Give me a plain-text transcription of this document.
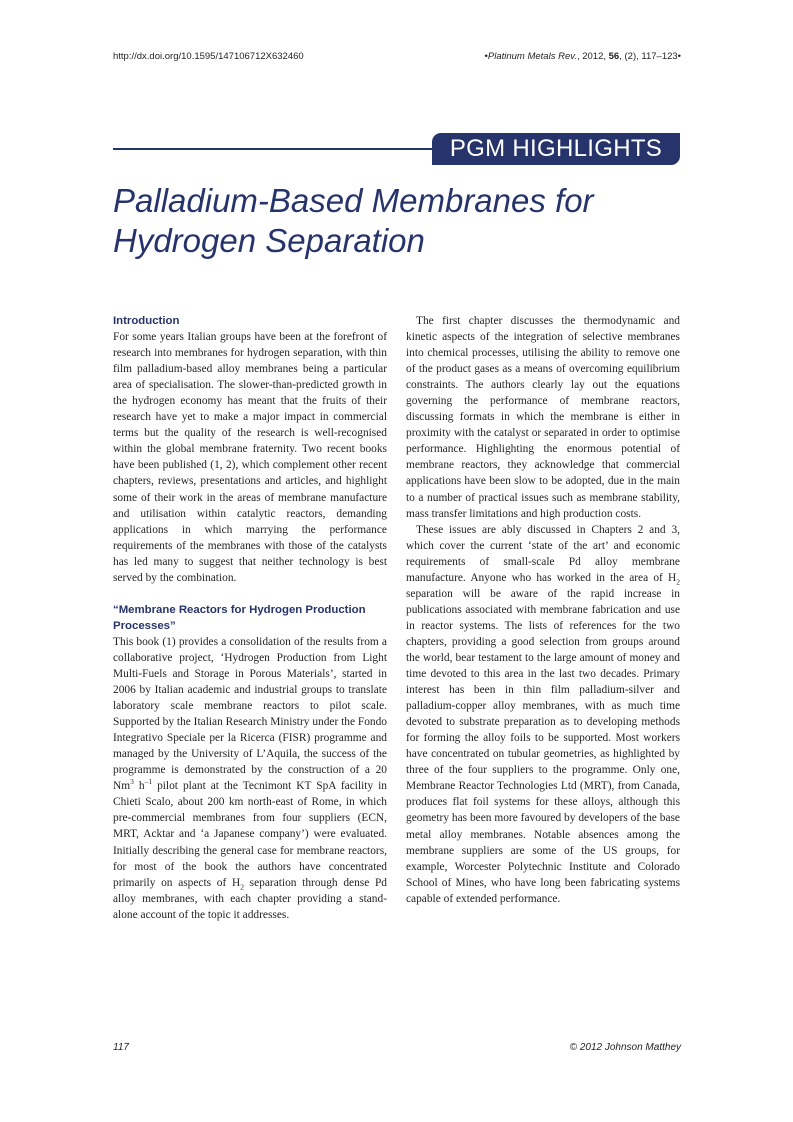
http://dx.doi.org/10.1595/147106712X632460	•Platinum Metals Rev., 2012, 56, (2), 117–123•
PGM HIGHLIGHTS
Palladium-Based Membranes for
Hydrogen Separation
Introduction

For some years Italian groups have been at the forefront of research into membranes for hydrogen separation, with thin film palladium-based alloy membranes being a particular area of specialisation. The slower-than-predicted growth in the hydrogen economy has meant that the fruits of their research have yet to make a major impact in commercial terms but the quality of the research is well-recognised within the global membrane fraternity. Two recent books have been published (1, 2), which complement other recent chapters, reviews, presentations and articles, and highlight some of their work in the areas of membrane manufacture and utilisation within catalytic reactors, demanding applications in which marrying the performance requirements of the membranes with those of the catalysts has led many to suggest that neither technology is best served by the combination.

“Membrane Reactors for Hydrogen Production Processes”

This book (1) provides a consolidation of the results from a collaborative project, ‘Hydrogen Production from Light Multi-Fuels and Storage in Porous Materials’, started in 2006 by Italian academic and industrial groups to translate laboratory scale membrane reactors to pilot scale. Supported by the Italian Research Ministry under the Fondo Integrativo Speciale per la Ricerca (FISR) programme and managed by the University of L’Aquila, the success of the programme is demonstrated by the construction of a 20 Nm$^3$ $h^{-1}$ pilot plant at the Tecnimont KT SpA facility in Chieti Scalo, about 200 km north-east of Rome, in which pre-commercial membranes from four suppliers (ECN, MRT, Acktar and ‘a Japanese company’) were evaluated. Initially describing the general case for membrane reactors, for most of the book the authors have concentrated primarily on aspects of $H_2$ separation through dense Pd alloy membranes, with each chapter providing a stand-alone account of the topic it addresses.

The first chapter discusses the thermodynamic and kinetic aspects of the integration of selective membranes into chemical processes, utilising the ability to remove one of the product gases as a means of overcoming equilibrium constraints. The authors clearly lay out the equations governing the performance of membrane reactors, discussing formats in which the membrane is either in proximity with the catalyst or separated in order to optimise performance. Highlighting the enormous potential of membrane reactors, they acknowledge that commercial applications have been slow to be adopted, due in the main to a number of practical issues such as membrane stability, mass transfer limitations and high production costs.

These issues are ably discussed in Chapters 2 and 3, which cover the current ‘state of the art’ and economic requirements of small-scale Pd alloy membrane manufacture. Anyone who has worked in the area of $H_2$ separation will be aware of the rapid increase in publications associated with membrane fabrication and use in reactor systems. The lists of references for the two chapters, providing a good selection from groups around the world, bear testament to the large amount of money and time devoted to this area in the last two decades. Primary interest has been in thin film palladium-silver and palladium-copper alloy membranes, with as much time devoted to substrate preparation as to developing methods for forming the alloy foils to be supported. Most workers have concentrated on tubular geometries, as highlighted by three of the four suppliers to the programme. Only one, Membrane Reactor Technologies Ltd (MRT), from Canada, produces flat foil systems for these alloys, although this geometry has been more favoured by developers of the base metal alloy membranes. Notable absences among the membrane suppliers are some of the US groups, for example, Worcester Polytechnic Institute and Colorado School of Mines, who have long been fabricating systems capable of extended performance.

117	© 2012 Johnson Matthey
